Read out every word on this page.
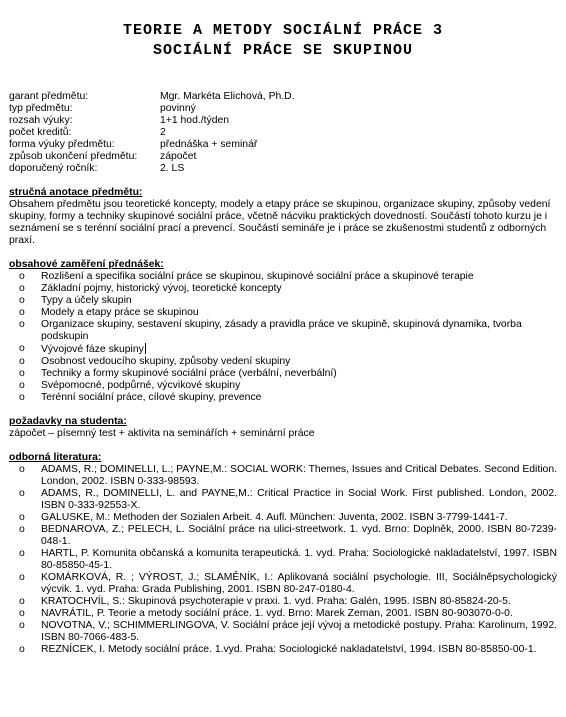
TEORIE A METODY SOCIÁLNÍ PRÁCE 3
SOCIÁLNÍ PRÁCE SE SKUPINOU
garant předmětu:	Mgr. Markéta Elichová, Ph.D.
typ předmětu:	povinný
rozsah výuky:	1+1 hod./týden
počet kreditů:	2
forma výuky předmětu:	přednáška + seminář
způsob ukončení předmětu:	zápočet
doporučený ročník:	2. LS
stručná anotace předmětu:
Obsahem předmětu jsou teoretické koncepty, modely a etapy práce se skupinou, organizace skupiny, způsoby vedení skupiny, formy a techniky skupinové sociální práce, včetně nácviku praktických dovedností. Součástí tohoto kurzu je i seznámení se s terénní sociální prací a prevencí. Součástí semináře je i práce se zkušenostmi studentů z odborných praxí.
obsahové zaměření přednášek:
o Rozlišení a specifika sociální práce se skupinou, skupinové sociální práce a skupinové terapie
o Základní pojmy, historický vývoj, teoretické koncepty
o Typy a účely skupin
o Modely a etapy práce se skupinou
o Organizace skupiny, sestavení skupiny, zásady a pravidla práce ve skupině, skupinová dynamika, tvorba podskupin
o Vývojové fáze skupiny
o Osobnost vedoucího skupiny, způsoby vedení skupiny
o Techniky a formy skupinové sociální práce (verbální, neverbální)
o Svépomocné, podpůrné, výcvikové skupiny
o Terénní sociální práce, cílové skupiny, prevence
požadavky na studenta:
zápočet – písemný test + aktivita na seminářích + seminární práce
odborná literatura:
o ADAMS, R.; DOMINELLI, L.; PAYNE,M.: SOCIAL WORK: Themes, Issues and Critical Debates. Second Edition. London, 2002. ISBN 0-333-98593.
o ADAMS, R., DOMINELLI, L. and PAYNE,M.: Critical Practice in Social Work. First published. London, 2002. ISBN 0-333-92553-X.
o GALUSKE, M.: Methoden der Sozialen Arbeit. 4. Aufl. München: Juventa, 2002. ISBN 3-7799-1441-7.
o BEDNAROVA, Z.; PELECH, L. Sociální práce na ulici-streetwork. 1. vyd. Brno: Doplněk, 2000. ISBN 80-7239-048-1.
o HARTL, P. Komunita občanská a komunita terapeutická. 1. vyd. Praha: Sociologické nakladatelství, 1997. ISBN 80-85850-45-1.
o KOMÁRKOVÁ, R. ; VÝROST, J.; SLAMĚNÍK, I.: Aplikovaná sociální psychologie. III, Sociálněpsychologický výcvik. 1. vyd. Praha: Grada Publishing, 2001. ISBN 80-247-0180-4.
o KRATOCHVÍL, S.: Skupinová psychoterapie v praxi. 1. vyd. Praha: Galén, 1995. ISBN 80-85824-20-5.
o NAVRÁTIL, P. Teorie a metody sociální práce. 1. vyd. Brno: Marek Zeman, 2001. ISBN 80-903070-0-0.
o NOVOTNA, V.; SCHIMMERLINGOVA, V. Sociální práce její vývoj a metodické postupy. Praha: Karolinum, 1992. ISBN 80-7066-483-5.
o REZNÍCEK, I. Metody sociální práce. 1.vyd. Praha: Sociologické nakladatelství, 1994. ISBN 80-85850-00-1.
